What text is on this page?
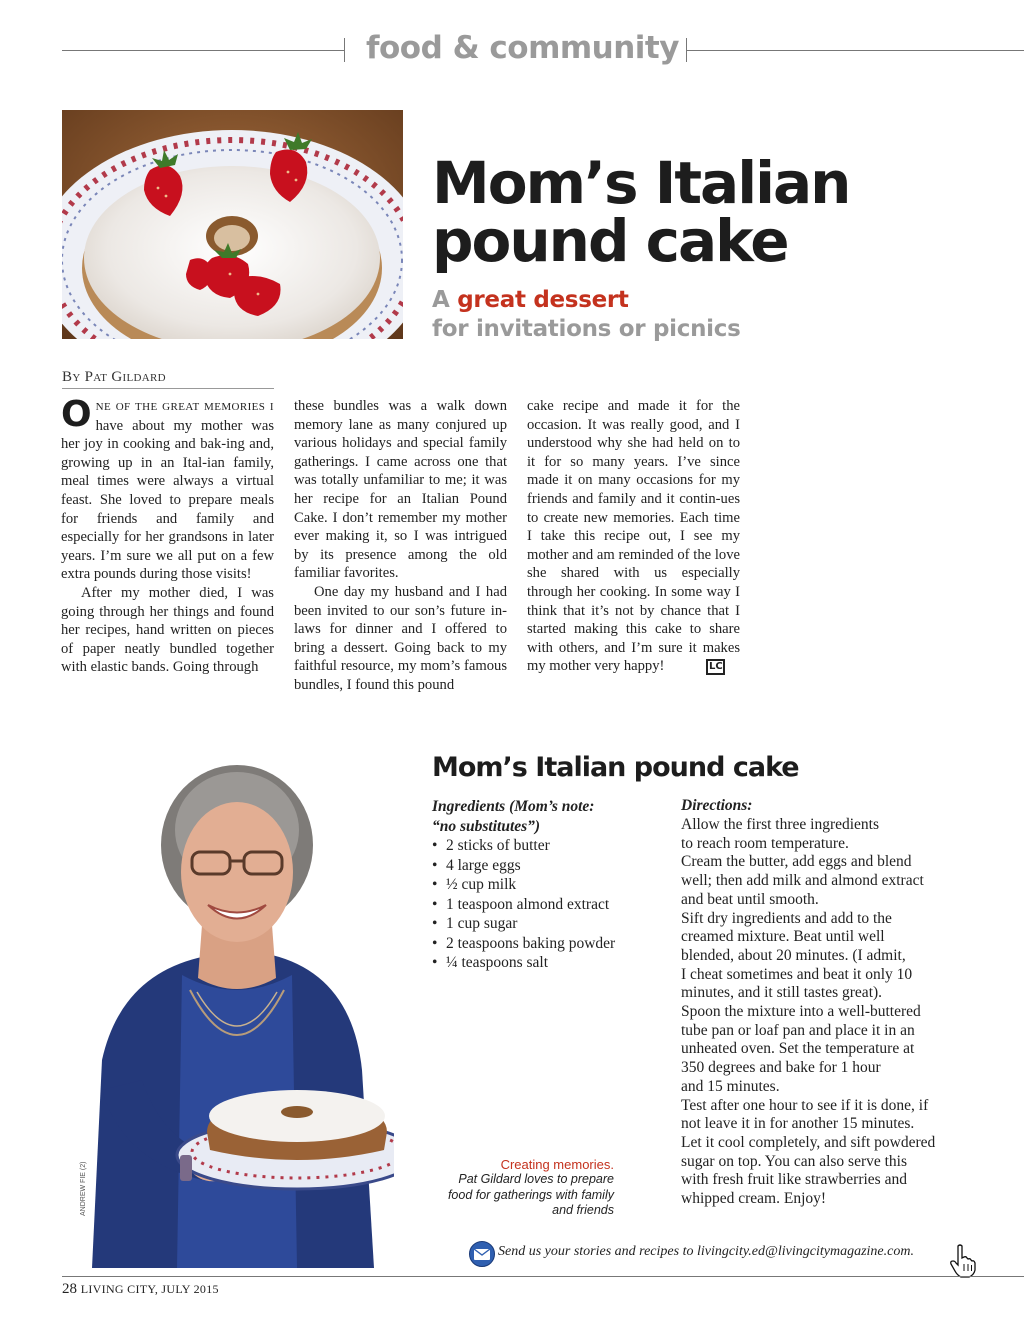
food & community
Mom’s Italian
pound cake
A great dessert
for invitations or picnics
BY PAT GILDARD

ONE OF THE GREAT MEMORIES I have about my mother was her joy in cooking and bak-ing and, growing up in an Ital-ian family, meal times were always a virtual feast. She loved to prepare meals for friends and family and especially for her grandsons in later years. I’m sure we all put on a few extra pounds during those visits!

After my mother died, I was going through her things and found her recipes, hand written on pieces of paper neatly bundled together with elastic bands. Going through

these bundles was a walk down memory lane as many conjured up various holidays and special family gatherings. I came across one that was totally unfamiliar to me; it was her recipe for an Italian Pound Cake. I don’t remember my mother ever making it, so I was intrigued by its presence among the old familiar favorites.

One day my husband and I had been invited to our son’s future in-laws for dinner and I offered to bring a dessert. Going back to my faithful resource, my mom’s famous bundles, I found this pound

cake recipe and made it for the occasion. It was really good, and I understood why she had held on to it for so many years. I’ve since made it on many occasions for my friends and family and it contin-ues to create new memories. Each time I take this recipe out, I see my mother and am reminded of the love she shared with us especially through her cooking. In some way I think that it’s not by chance that I started making this cake to share with others, and I’m sure it makes my mother very happy!	LC

ANDREW FIE (2)
Mom’s Italian pound cake
Ingredients (Mom’s note:
“no substitutes”)
• 2 sticks of butter
• 4 large eggs
• ½ cup milk
• 1 teaspoon almond extract
• 1 cup sugar
• 2 teaspoons baking powder
• ¼ teaspoons salt
Directions:
Allow the first three ingredients
to reach room temperature.
Cream the butter, add eggs and blend
well; then add milk and almond extract
and beat until smooth.
Sift dry ingredients and add to the
creamed mixture. Beat until well
blended, about 20 minutes. (I admit,
I cheat sometimes and beat it only 10
minutes, and it still tastes great).
Spoon the mixture into a well-buttered
tube pan or loaf pan and place it in an
unheated oven. Set the temperature at
350 degrees and bake for 1 hour
and 15 minutes.
Test after one hour to see if it is done, if
not leave it in for another 15 minutes.
Let it cool completely, and sift powdered
sugar on top. You can also serve this
with fresh fruit like strawberries and
whipped cream. Enjoy!
Creating memories.
Pat Gildard loves to prepare food for gatherings with family and friends
Send us your stories and recipes to livingcity.ed@livingcitymagazine.com.
28 LIVING CITY, JULY 2015
